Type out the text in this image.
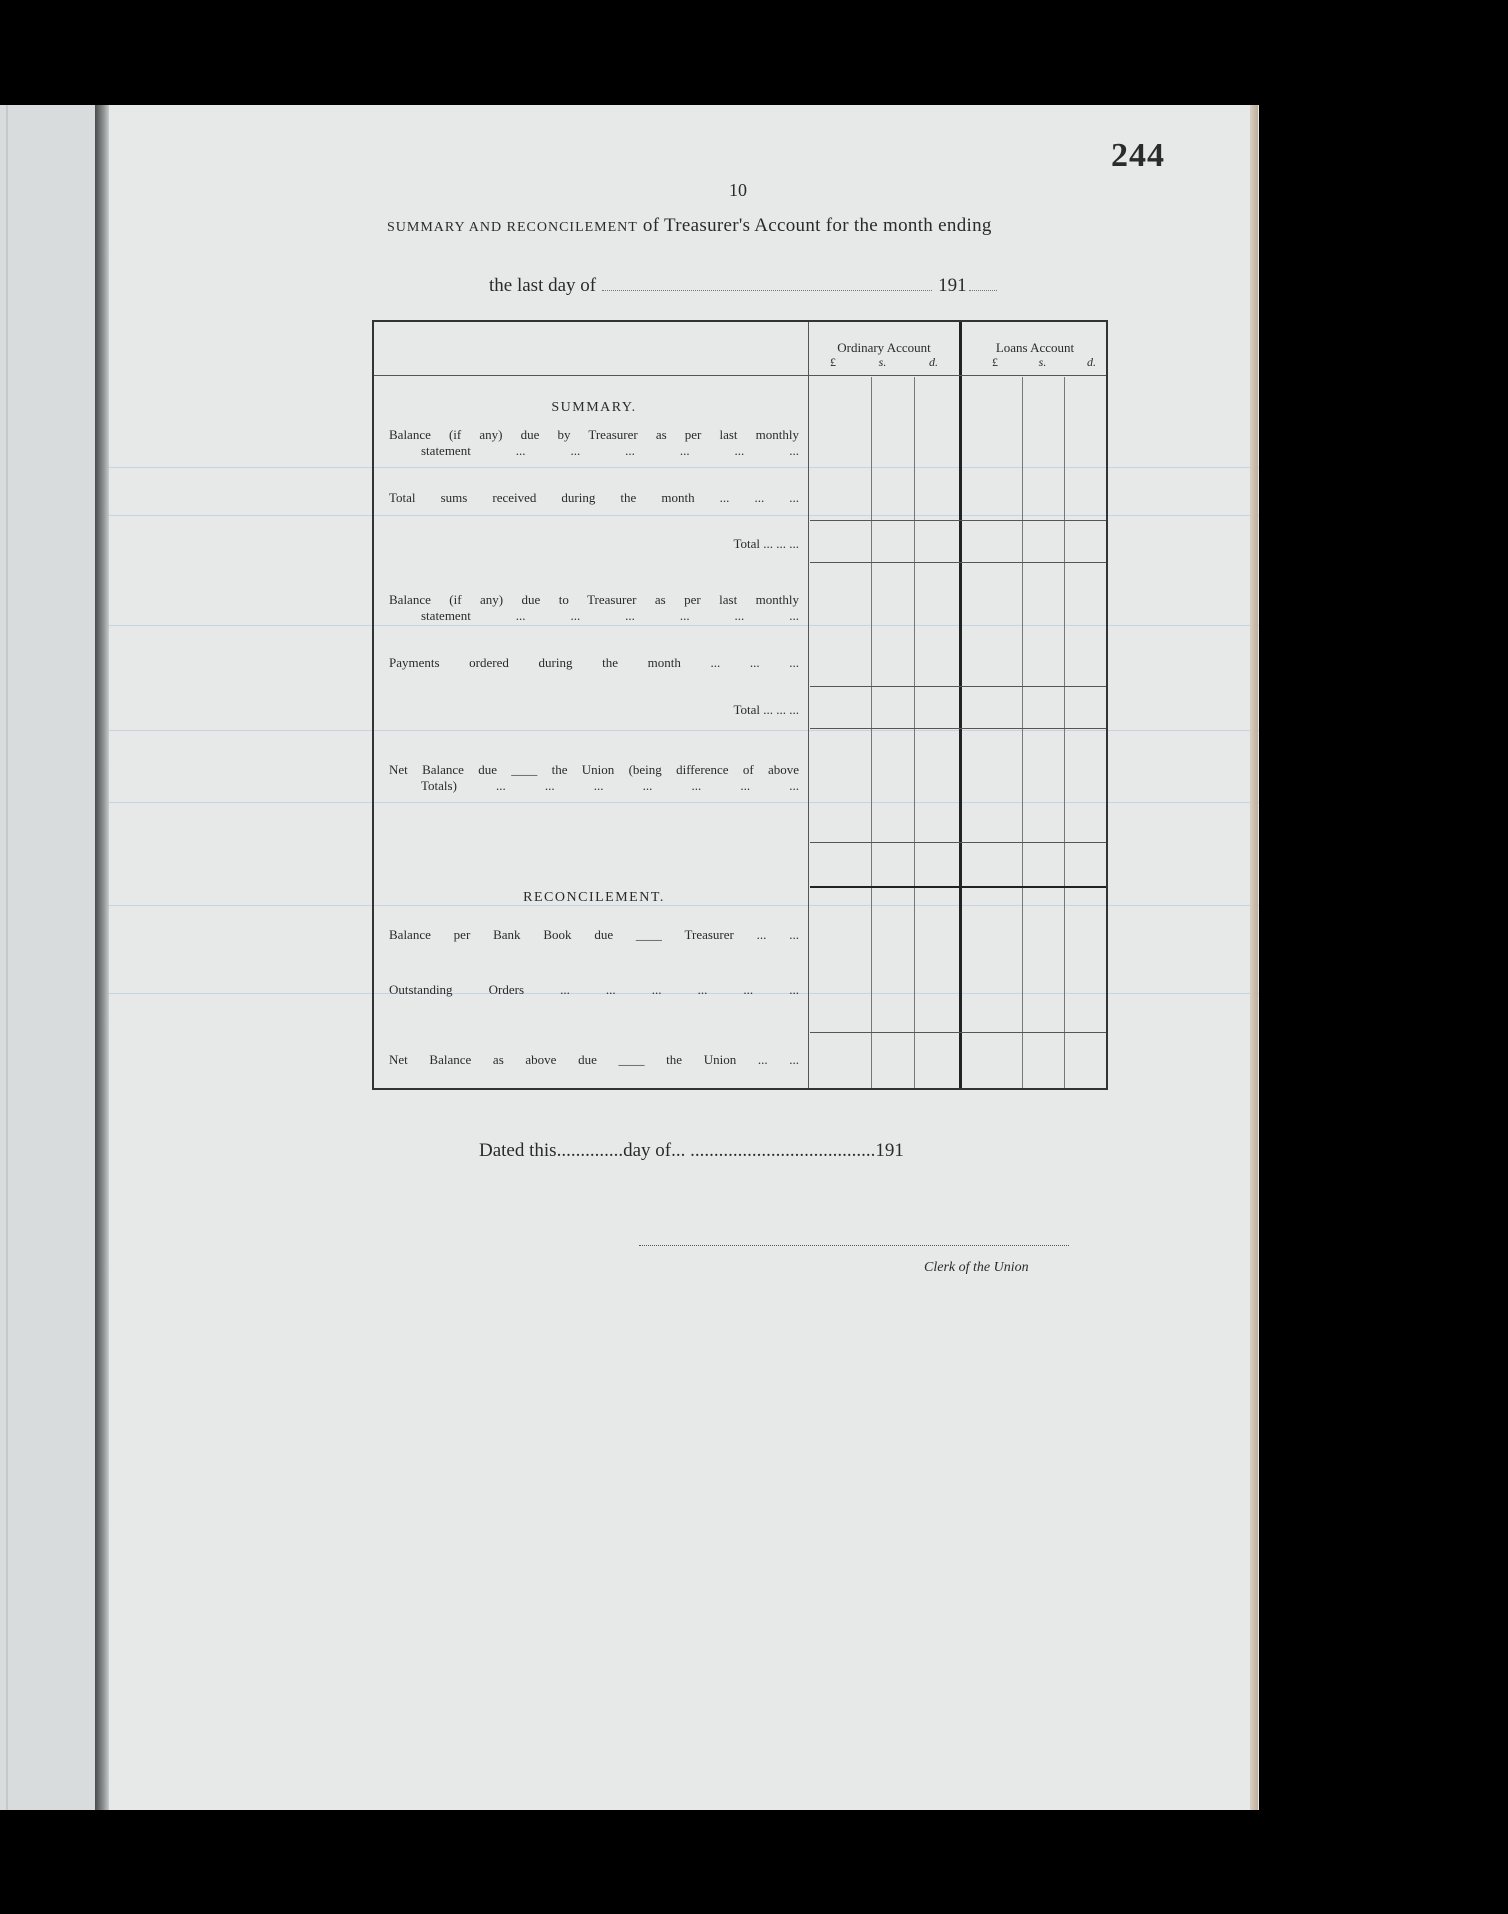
244
10
SUMMARY AND RECONCILEMENT of Treasurer's Account for the month ending
the last day of	191
Ordinary Account
£	s.	d.
Loans Account
£	s.	d.
SUMMARY.
Balance (if any) due by Treasurer as per last monthly
statement ... ... ... ... ... ...
Total sums received during the month ... ... ...
Total ... ... ...
Balance (if any) due to Treasurer as per last monthly
statement ... ... ... ... ... ...
Payments ordered during the month ... ... ...
Total ... ... ...
Net Balance due ____ the Union (being difference of above
Totals) ... ... ... ... ... ... ...
RECONCILEMENT.
Balance per Bank Book due ____ Treasurer ... ...
Outstanding Orders ... ... ... ... ... ...
Net Balance as above due ____ the Union ... ...
Dated this..............day of... .......................................191
Clerk of the Union
